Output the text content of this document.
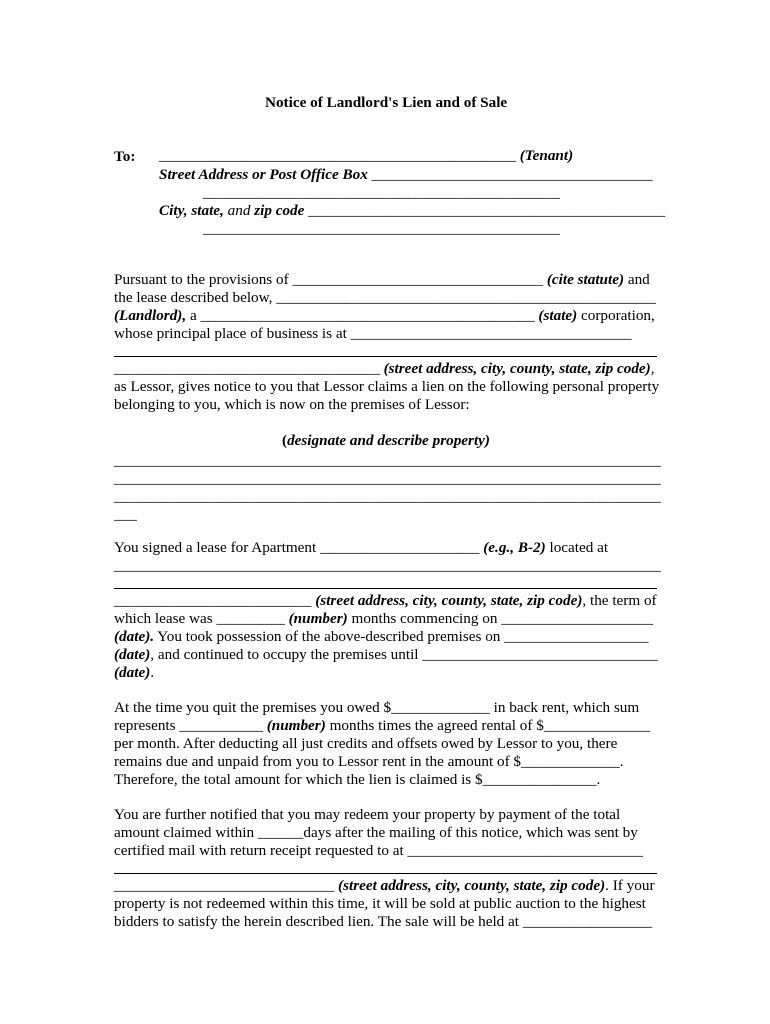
Notice of Landlord's Lien and of Sale
To: _______________________________________________ (Tenant)
Street Address or Post Office Box _____________________________________
_______________________________________________
City, state, and zip code _______________________________________________
_______________________________________________
Pursuant to the provisions of _________________________________ (cite statute) and
the lease described below, __________________________________________________
(Landlord), a ____________________________________________ (state) corporation,
whose principal place of business is at _____________________________________
___________________________________ (street address, city, county, state, zip code),
as Lessor, gives notice to you that Lessor claims a lien on the following personal property
belonging to you, which is now on the premises of Lessor:
(designate and describe property)
________________________________________________________________________
________________________________________________________________________
________________________________________________________________________
___
You signed a lease for Apartment _____________________ (e.g., B-2) located at
________________________________________________________________________
__________________________ (street address, city, county, state, zip code), the term of
which lease was _________ (number) months commencing on ____________________
(date). You took possession of the above-described premises on ___________________
(date), and continued to occupy the premises until _______________________________
(date).
At the time you quit the premises you owed $_____________ in back rent, which sum
represents ___________ (number) months times the agreed rental of $______________
per month. After deducting all just credits and offsets owed by Lessor to you, there
remains due and unpaid from you to Lessor rent in the amount of $_____________.
Therefore, the total amount for which the lien is claimed is $_______________.
You are further notified that you may redeem your property by payment of the total
amount claimed within ______days after the mailing of this notice, which was sent by
certified mail with return receipt requested to at _______________________________
_____________________________ (street address, city, county, state, zip code). If your
property is not redeemed within this time, it will be sold at public auction to the highest
bidders to satisfy the herein described lien. The sale will be held at _________________
